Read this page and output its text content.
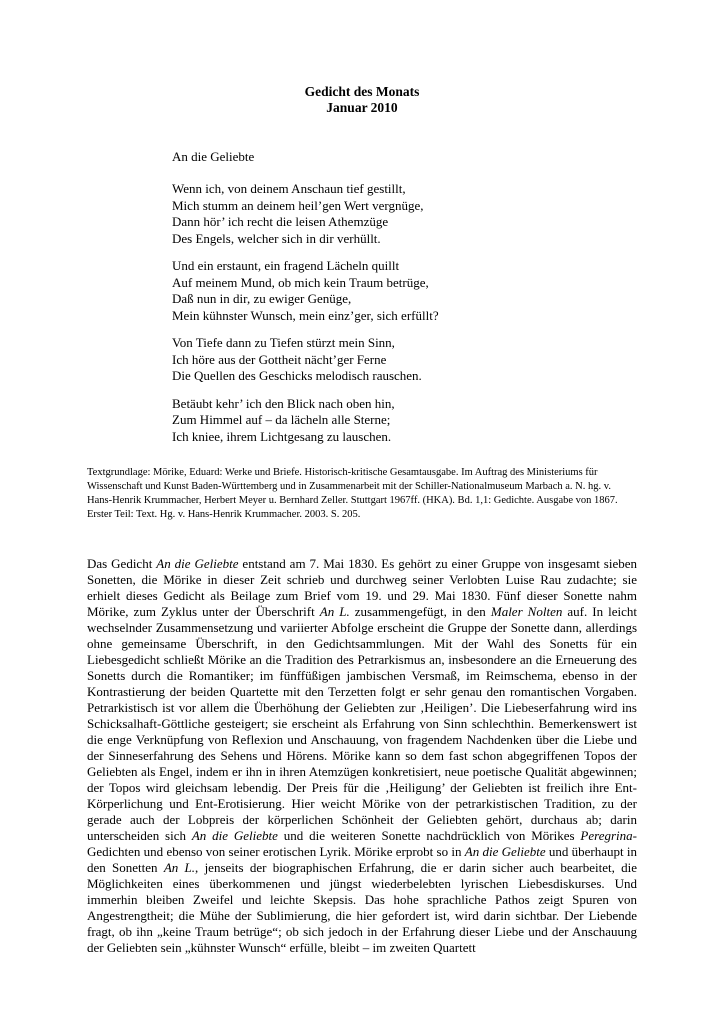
Gedicht des Monats
Januar 2010
An die Geliebte
Wenn ich, von deinem Anschaun tief gestillt,
Mich stumm an deinem heil’gen Wert vergnüge,
Dann hör’ ich recht die leisen Athemzüge
Des Engels, welcher sich in dir verhüllt.
Und ein erstaunt, ein fragend Lächeln quillt
Auf meinem Mund, ob mich kein Traum betrüge,
Daß nun in dir, zu ewiger Genüge,
Mein kühnster Wunsch, mein einz’ger, sich erfüllt?
Von Tiefe dann zu Tiefen stürzt mein Sinn,
Ich höre aus der Gottheit nächt’ger Ferne
Die Quellen des Geschicks melodisch rauschen.
Betäubt kehr’ ich den Blick nach oben hin,
Zum Himmel auf – da lächeln alle Sterne;
Ich kniee, ihrem Lichtgesang zu lauschen.
Textgrundlage: Mörike, Eduard: Werke und Briefe. Historisch-kritische Gesamtausgabe. Im Auftrag des Ministeriums für Wissenschaft und Kunst Baden-Württemberg und in Zusammenarbeit mit der Schiller-Nationalmuseum Marbach a. N. hg. v. Hans-Henrik Krummacher, Herbert Meyer u. Bernhard Zeller. Stuttgart 1967ff. (HKA). Bd. 1,1: Gedichte. Ausgabe von 1867. Erster Teil: Text. Hg. v. Hans-Henrik Krummacher. 2003. S. 205.
Das Gedicht An die Geliebte entstand am 7. Mai 1830. Es gehört zu einer Gruppe von insgesamt sieben Sonetten, die Mörike in dieser Zeit schrieb und durchweg seiner Verlobten Luise Rau zudachte; sie erhielt dieses Gedicht als Beilage zum Brief vom 19. und 29. Mai 1830. Fünf dieser Sonette nahm Mörike, zum Zyklus unter der Überschrift An L. zusammengefügt, in den Maler Nolten auf. In leicht wechselnder Zusammensetzung und variierter Abfolge erscheint die Gruppe der Sonette dann, allerdings ohne gemeinsame Überschrift, in den Gedichtsammlungen. Mit der Wahl des Sonetts für ein Liebesgedicht schließt Mörike an die Tradition des Petrarkismus an, insbesondere an die Erneuerung des Sonetts durch die Romantiker; im fünffüßigen jambischen Versmaß, im Reimschema, ebenso in der Kontrastierung der beiden Quartette mit den Terzetten folgt er sehr genau den romantischen Vorgaben. Petrarkistisch ist vor allem die Überhöhung der Geliebten zur ‚Heiligen’. Die Liebeserfahrung wird ins Schicksalhaft-Göttliche gesteigert; sie erscheint als Erfahrung von Sinn schlechthin. Bemerkenswert ist die enge Verknüpfung von Reflexion und Anschauung, von fragendem Nachdenken über die Liebe und der Sinneserfahrung des Sehens und Hörens. Mörike kann so dem fast schon abgegriffenen Topos der Geliebten als Engel, indem er ihn in ihren Atemzügen konkretisiert, neue poetische Qualität abgewinnen; der Topos wird gleichsam lebendig. Der Preis für die ‚Heiligung’ der Geliebten ist freilich ihre Ent-Körperlichung und Ent-Erotisierung. Hier weicht Mörike von der petrarkistischen Tradition, zu der gerade auch der Lobpreis der körperlichen Schönheit der Geliebten gehört, durchaus ab; darin unterscheiden sich An die Geliebte und die weiteren Sonette nachdrücklich von Mörikes Peregrina-Gedichten und ebenso von seiner erotischen Lyrik. Mörike erprobt so in An die Geliebte und überhaupt in den Sonetten An L., jenseits der biographischen Erfahrung, die er darin sicher auch bearbeitet, die Möglichkeiten eines überkommenen und jüngst wiederbelebten lyrischen Liebesdiskurses. Und immerhin bleiben Zweifel und leichte Skepsis. Das hohe sprachliche Pathos zeigt Spuren von Angestrengtheit; die Mühe der Sublimierung, die hier gefordert ist, wird darin sichtbar. Der Liebende fragt, ob ihn „keine Traum betrüge“; ob sich jedoch in der Erfahrung dieser Liebe und der Anschauung der Geliebten sein „kühnster Wunsch“ erfülle, bleibt – im zweiten Quartett
